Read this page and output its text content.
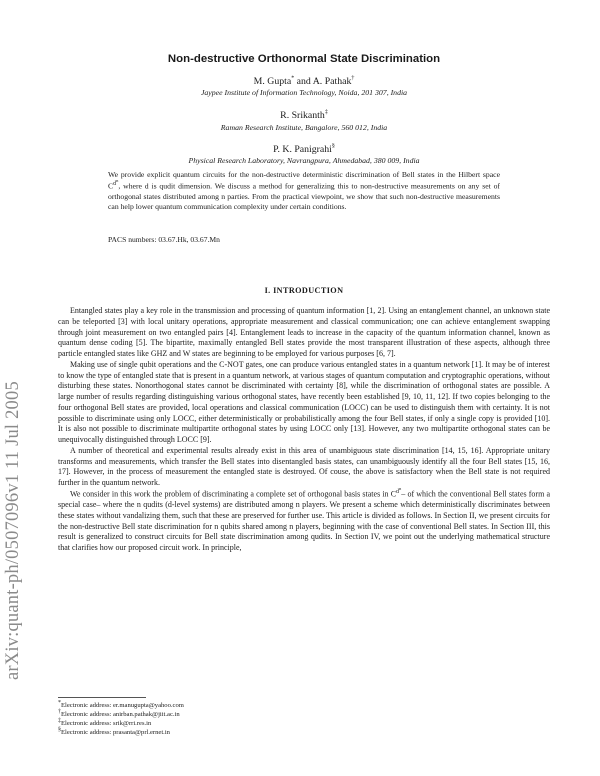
arXiv:quant-ph/0507096v1 11 Jul 2005
Non-destructive Orthonormal State Discrimination
M. Gupta* and A. Pathak†
Jaypee Institute of Information Technology, Noida, 201 307, India
R. Srikanth‡
Raman Research Institute, Bangalore, 560 012, India
P. K. Panigrahi§
Physical Research Laboratory, Navrangpura, Ahmedabad, 380 009, India

We provide explicit quantum circuits for the non-destructive deterministic discrimination of Bell states in the Hilbert space $C^{d^n}$, where d is qudit dimension. We discuss a method for generalizing this to non-destructive measurements on any set of orthogonal states distributed among n parties. From the practical viewpoint, we show that such non-destructive measurements can help lower quantum communication complexity under certain conditions.

PACS numbers: 03.67.Hk, 03.67.Mn
I. INTRODUCTION

Entangled states play a key role in the transmission and processing of quantum information [1, 2]. Using an entanglement channel, an unknown state can be teleported [3] with local unitary operations, appropriate measurement and classical communication; one can achieve entanglement swapping through joint measurement on two entangled pairs [4]. Entanglement leads to increase in the capacity of the quantum information channel, known as quantum dense coding [5]. The bipartite, maximally entangled Bell states provide the most transparent illustration of these aspects, although three particle entangled states like GHZ and W states are beginning to be employed for various purposes [6, 7].

Making use of single qubit operations and the C-NOT gates, one can produce various entangled states in a quantum network [1]. It may be of interest to know the type of entangled state that is present in a quantum network, at various stages of quantum computation and cryptographic operations, without disturbing these states. Nonorthogonal states cannot be discriminated with certainty [8], while the discrimination of orthogonal states are possible. A large number of results regarding distinguishing various orthogonal states, have recently been established [9, 10, 11, 12]. If two copies belonging to the four orthogonal Bell states are provided, local operations and classical communication (LOCC) can be used to distinguish them with certainty. It is not possible to discriminate using only LOCC, either deterministically or probabilistically among the four Bell states, if only a single copy is provided [10]. It is also not possible to discriminate multipartite orthogonal states by using LOCC only [13]. However, any two multipartite orthogonal states can be unequivocally distinguished through LOCC [9].

A number of theoretical and experimental results already exist in this area of unambiguous state discrimination [14, 15, 16]. Appropriate unitary transforms and measurements, which transfer the Bell states into disentangled basis states, can unambiguously identify all the four Bell states [15, 16, 17]. However, in the process of measurement the entangled state is destroyed. Of couse, the above is satisfactory when the Bell state is not required further in the quantum network.

We consider in this work the problem of discriminating a complete set of orthogonal basis states in $C^{d^n}-$ of which the conventional Bell states form a special case– where the n qudits (d-level systems) are distributed among n players. We present a scheme which deterministically discriminates between these states without vandalizing them, such that these are preserved for further use. This article is divided as follows. In Section II, we present circuits for the non-destructive Bell state discrimination for n qubits shared among n players, beginning with the case of conventional Bell states. In Section III, this result is generalized to construct circuits for Bell state discrimination among qudits. In Section IV, we point out the underlying mathematical structure that clarifies how our proposed circuit work. In principle,

*Electronic address: er.manugupta@yahoo.com
†Electronic address: anirban.pathak@jiit.ac.in
‡Electronic address: srik@rri.res.in
§Electronic address: prasanta@prl.ernet.in
